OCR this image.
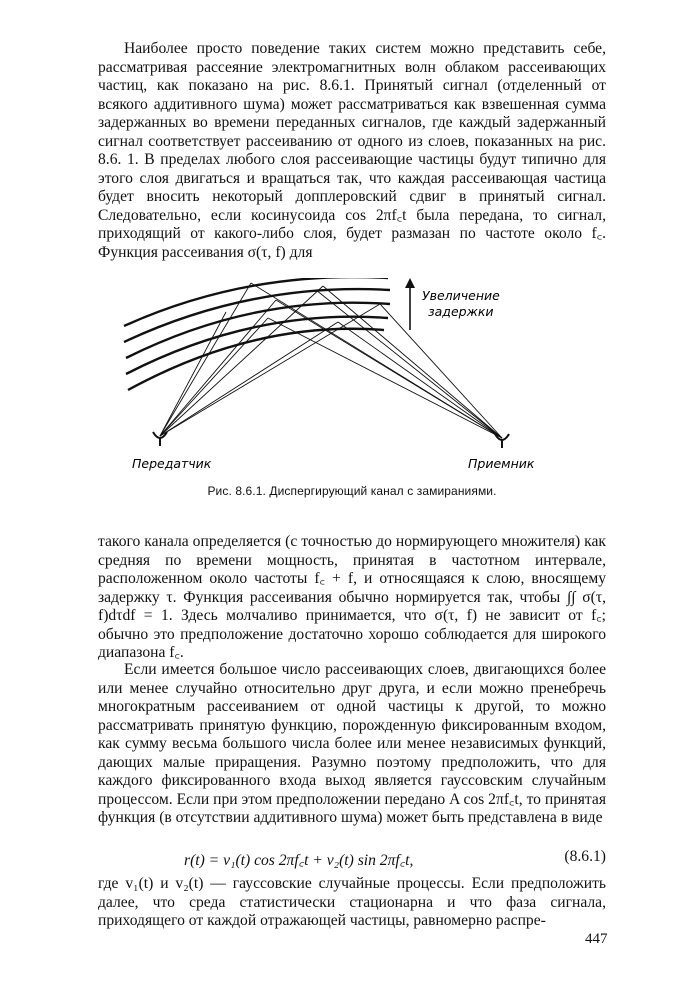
Наиболее просто поведение таких систем можно представить себе, рассматривая рассеяние электромагнитных волн облаком рассеивающих частиц, как показано на рис. 8.6.1. Принятый сигнал (отделенный от всякого аддитивного шума) может рассматриваться как взвешенная сумма задержанных во времени переданных сигналов, где каждый задержанный сигнал соответствует рассеиванию от одного из слоев, показанных на рис. 8.6. 1. В пределах любого слоя рассеивающие частицы будут типично для этого слоя двигаться и вращаться так, что каждая рассеивающая частица будет вносить некоторый допплеровский сдвиг в принятый сигнал. Следовательно, если косинусоида cos 2πf꜀t была передана, то сигнал, приходящий от какого-либо слоя, будет размазан по частоте около f꜀. Функция рассеивания σ(τ, f) для

Увеличение
задержки
Передатчик	Приемник

Рис. 8.6.1. Диспергирующий канал с замираниями.

такого канала определяется (с точностью до нормирующего множителя) как средняя по времени мощность, принятая в частотном интервале, расположенном около частоты f꜀ + f, и относящаяся к слою, вносящему задержку τ. Функция рассеивания обычно нормируется так, чтобы ∫∫ σ(τ, f)dτdf = 1. Здесь молчаливо принимается, что σ(τ, f) не зависит от f꜀; обычно это предположение достаточно хорошо соблюдается для широкого диапазона f꜀.

Если имеется большое число рассеивающих слоев, двигающихся более или менее случайно относительно друг друга, и если можно пренебречь многократным рассеиванием от одной частицы к другой, то можно рассматривать принятую функцию, порожденную фиксированным входом, как сумму весьма большого числа более или менее независимых функций, дающих малые приращения. Разумно поэтому предположить, что для каждого фиксированного входа выход является гауссовским случайным процессом. Если при этом предположении передано A cos 2πf꜀t, то принятая функция (в отсутствии аддитивного шума) может быть представлена в виде

r(t) = v₁(t) cos 2πf꜀t + v₂(t) sin 2πf꜀t,	(8.6.1)

где v₁(t) и v₂(t) — гауссовские случайные процессы. Если предположить далее, что среда статистически стационарна и что фаза сигнала, приходящего от каждой отражающей частицы, равномерно распре-

447
